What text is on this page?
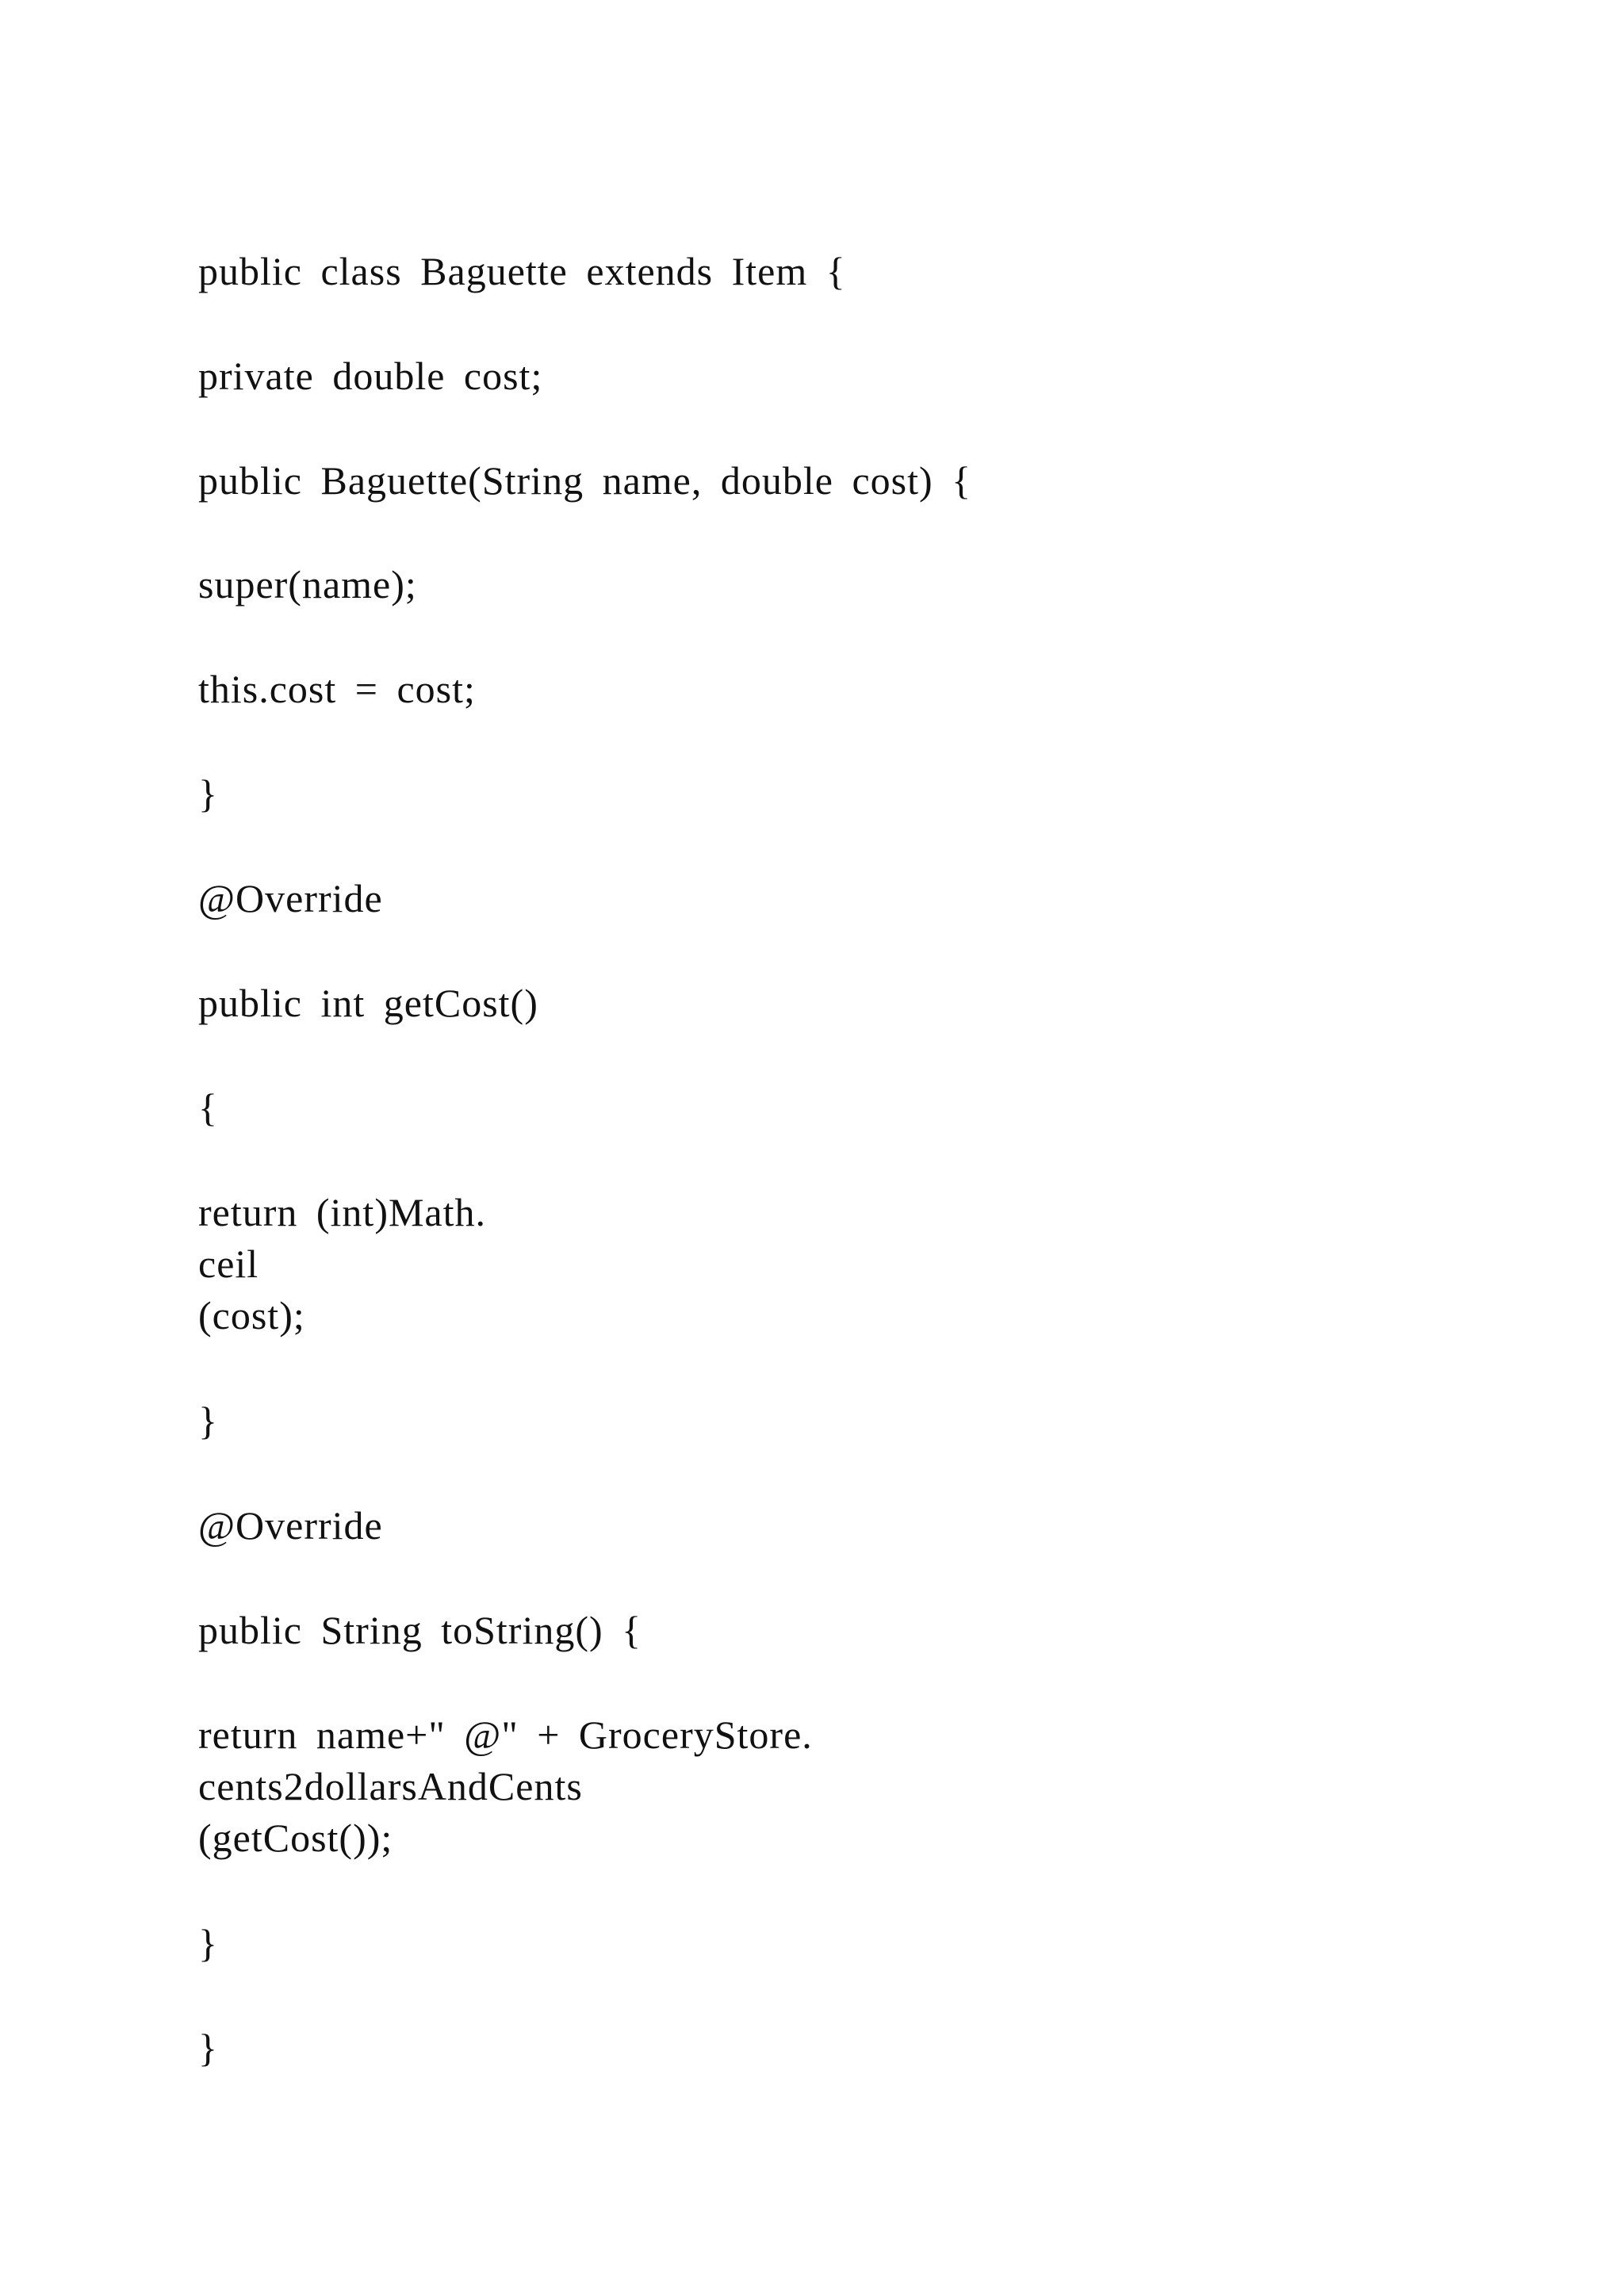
public class Baguette extends Item {

private double cost;

public Baguette(String name, double cost) {

super(name);

this.cost = cost;

}

@Override

public int getCost()

{

return (int)Math.

ceil

(cost);

}

@Override

public String toString() {

return name+" @" + GroceryStore.

cents2dollarsAndCents

(getCost());

}

}
